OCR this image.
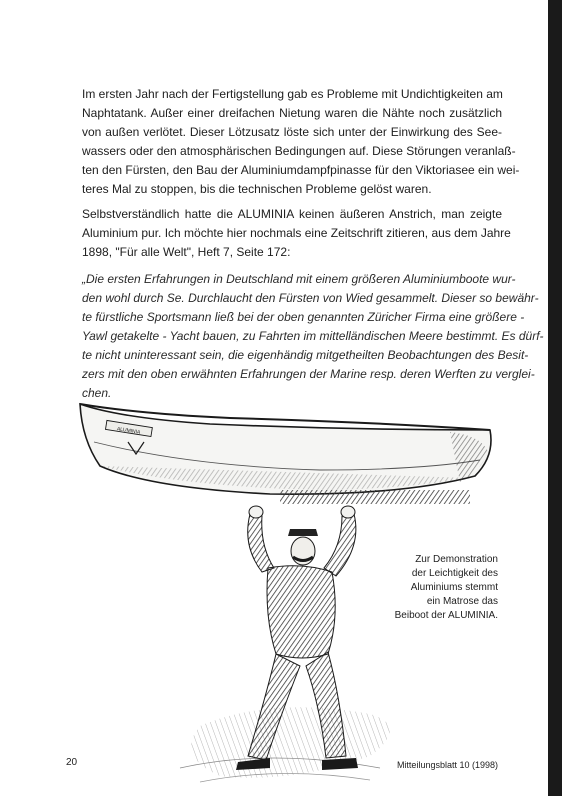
Im ersten Jahr nach der Fertigstellung gab es Probleme mit Undichtigkeiten am
Naphtatank. Außer einer dreifachen Nietung waren die Nähte noch zusätzlich
von außen verlötet. Dieser Lötzusatz löste sich unter der Einwirkung des See-
wassers oder den atmosphärischen Bedingungen auf. Diese Störungen veranlaß-
ten den Fürsten, den Bau der Aluminiumdampfpinasse für den Viktoriasee ein wei-
teres Mal zu stoppen, bis die technischen Probleme gelöst waren.
Selbstverständlich hatte die ALUMINIA keinen äußeren Anstrich, man zeigte
Aluminium pur. Ich möchte hier nochmals eine Zeitschrift zitieren, aus dem Jahre
1898, "Für alle Welt", Heft 7, Seite 172:
„Die ersten Erfahrungen in Deutschland mit einem größeren Aluminiumboote wur-
den wohl durch Se. Durchlaucht den Fürsten von Wied gesammelt. Dieser so bewähr-
te fürstliche Sportsmann ließ bei der oben genannten Züricher Firma eine größere -
Yawl getakelte - Yacht bauen, zu Fahrten im mittelländischen Meere bestimmt. Es dürf-
te nicht uninteressant sein, die eigenhändig mitgetheilten Beobachtungen des Besit-
zers mit den oben erwähnten Erfahrungen der Marine resp. deren Werften zu verglei-
chen.
ALUMINIA
Zur Demonstration
der Leichtigkeit des
Aluminiums stemmt
ein Matrose das
Beiboot der ALUMINIA.
20	Mitteilungsblatt 10 (1998)
